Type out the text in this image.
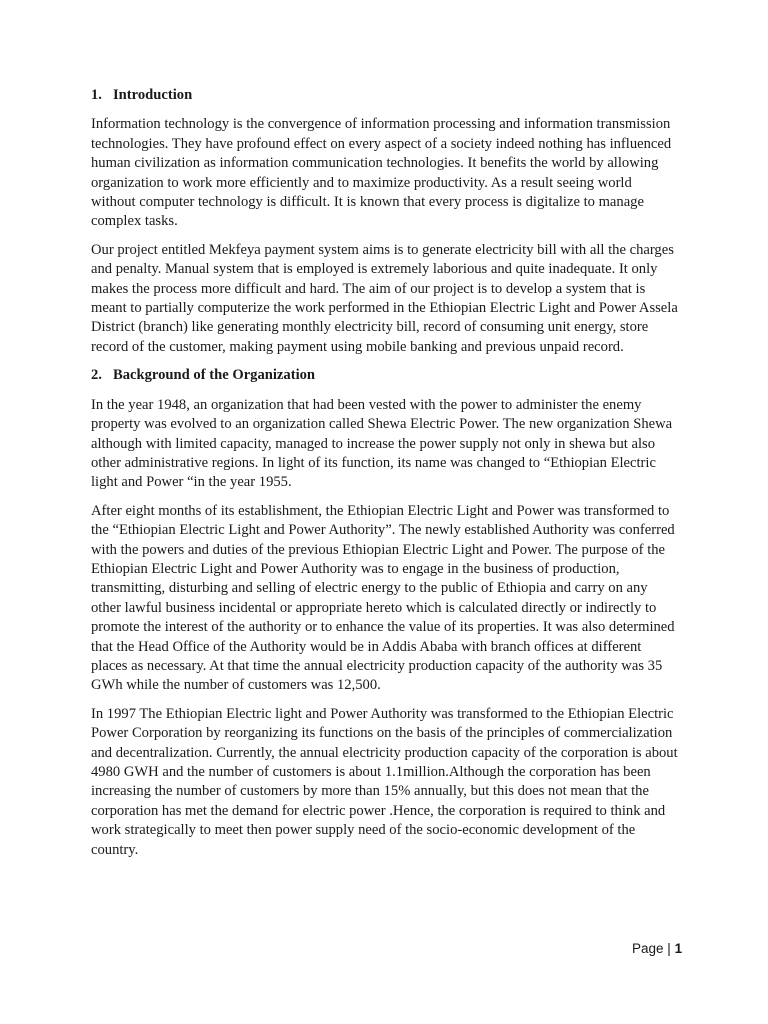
1. Introduction

Information technology is the convergence of information processing and information transmission technologies. They have profound effect on every aspect of a society indeed nothing has influenced human civilization as information communication technologies. It benefits the world by allowing organization to work more efficiently and to maximize productivity. As a result seeing world without computer technology is difficult. It is known that every process is digitalize to manage complex tasks.

Our project entitled Mekfeya payment system aims is to generate electricity bill with all the charges and penalty. Manual system that is employed is extremely laborious and quite inadequate. It only makes the process more difficult and hard. The aim of our project is to develop a system that is meant to partially computerize the work performed in the Ethiopian Electric Light and Power Assela District (branch) like generating monthly electricity bill, record of consuming unit energy, store record of the customer, making payment using mobile banking and previous unpaid record.

2. Background of the Organization

In the year 1948, an organization that had been vested with the power to administer the enemy property was evolved to an organization called Shewa Electric Power. The new organization Shewa although with limited capacity, managed to increase the power supply not only in shewa but also other administrative regions. In light of its function, its name was changed to “Ethiopian Electric light and Power “in the year 1955.

After eight months of its establishment, the Ethiopian Electric Light and Power was transformed to the “Ethiopian Electric Light and Power Authority”. The newly established Authority was conferred with the powers and duties of the previous Ethiopian Electric Light and Power. The purpose of the Ethiopian Electric Light and Power Authority was to engage in the business of production, transmitting, disturbing and selling of electric energy to the public of Ethiopia and carry on any other lawful business incidental or appropriate hereto which is calculated directly or indirectly to promote the interest of the authority or to enhance the value of its properties. It was also determined that the Head Office of the Authority would be in Addis Ababa with branch offices at different places as necessary. At that time the annual electricity production capacity of the authority was 35 GWh while the number of customers was 12,500.

In 1997 The Ethiopian Electric light and Power Authority was transformed to the Ethiopian Electric Power Corporation by reorganizing its functions on the basis of the principles of commercialization and decentralization. Currently, the annual electricity production capacity of the corporation is about 4980 GWH and the number of customers is about 1.1million.Although the corporation has been increasing the number of customers by more than 15% annually, but this does not mean that the corporation has met the demand for electric power .Hence, the corporation is required to think and work strategically to meet then power supply need of the socio-economic development of the country.

Page | 1
